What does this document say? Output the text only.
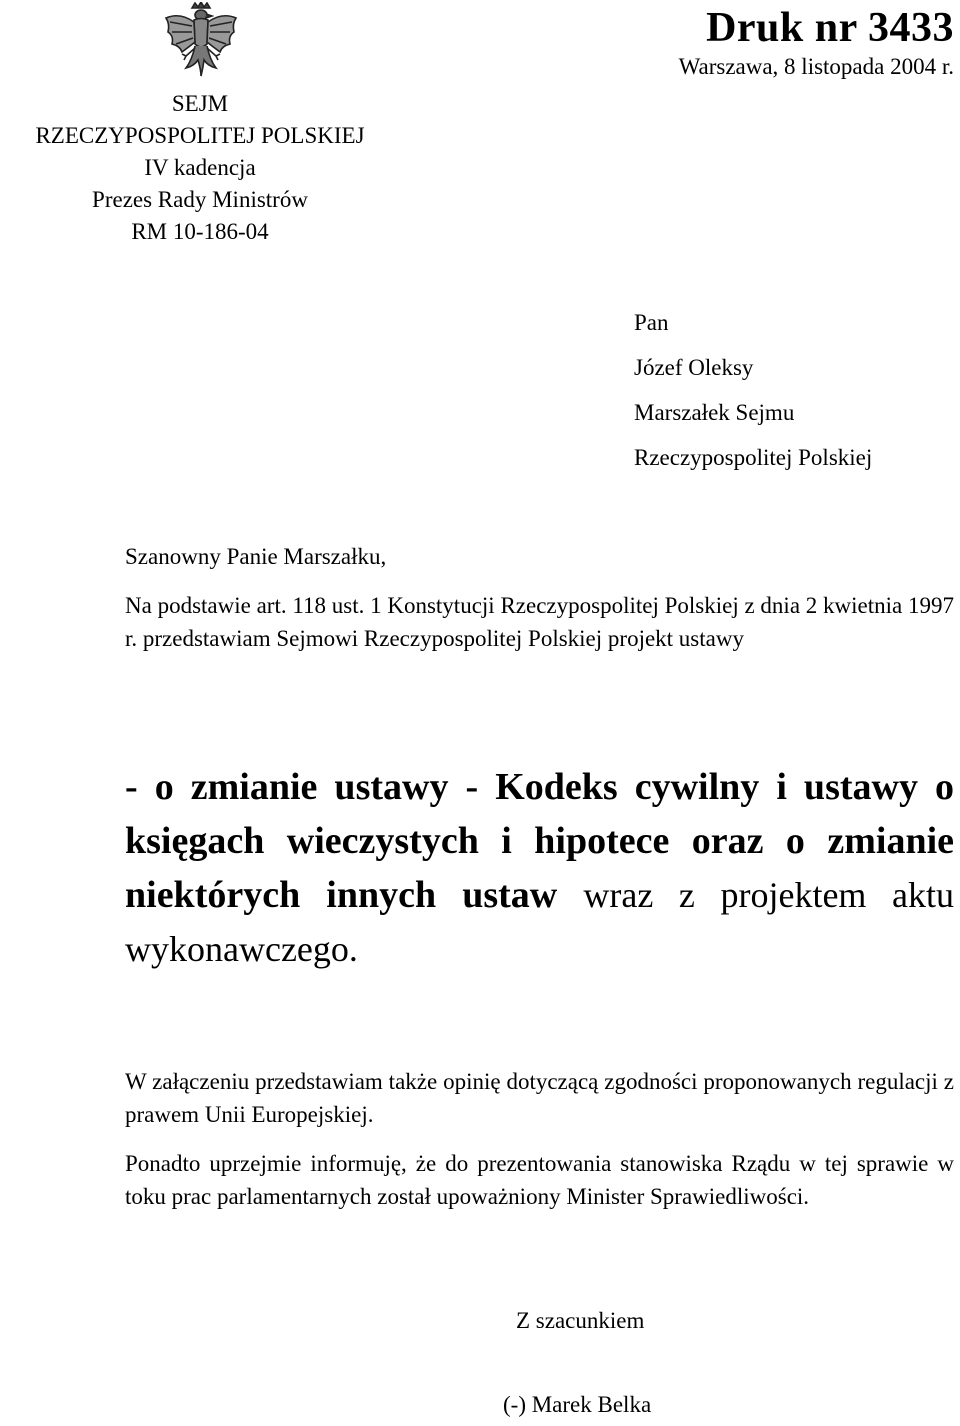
SEJM
RZECZYPOSPOLITEJ POLSKIEJ
IV kadencja
Prezes Rady Ministrów
RM 10-186-04
Druk nr 3433
Warszawa, 8 listopada 2004 r.
Pan
Józef Oleksy
Marszałek Sejmu
Rzeczypospolitej Polskiej
Szanowny Panie Marszałku,
Na podstawie art. 118 ust. 1 Konstytucji Rzeczypospolitej Polskiej z dnia 2 kwietnia 1997 r. przedstawiam Sejmowi Rzeczypospolitej Polskiej projekt ustawy
- o zmianie ustawy - Kodeks cywilny i ustawy o księgach wieczystych i hipotece oraz o zmianie niektórych innych ustaw wraz z projektem aktu wykonawczego.
W załączeniu przedstawiam także opinię dotyczącą zgodności proponowanych regulacji z prawem Unii Europejskiej.
Ponadto uprzejmie informuję, że do prezentowania stanowiska Rządu w tej sprawie w toku prac parlamentarnych został upoważniony Minister Sprawiedliwości.
Z szacunkiem
(-) Marek Belka
